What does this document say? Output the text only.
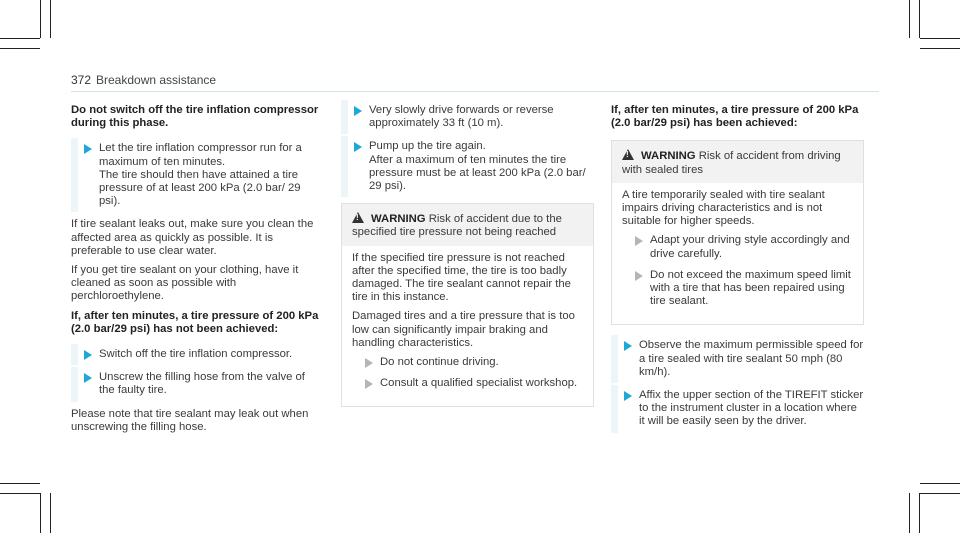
372 Breakdown assistance

Do not switch off the tire inflation compressor during this phase.

Let the tire inflation compressor run for a maximum of ten minutes.
The tire should then have attained a tire pressure of at least 200 kPa (2.0 bar/ 29 psi).

If tire sealant leaks out, make sure you clean the affected area as quickly as possible. It is preferable to use clear water.

If you get tire sealant on your clothing, have it cleaned as soon as possible with perchloroethylene.

If, after ten minutes, a tire pressure of 200 kPa (2.0 bar/29 psi) has not been achieved:

Switch off the tire inflation compressor.
Unscrew the filling hose from the valve of the faulty tire.

Please note that tire sealant may leak out when unscrewing the filling hose.

Very slowly drive forwards or reverse approximately 33 ft (10 m).
Pump up the tire again.
After a maximum of ten minutes the tire pressure must be at least 200 kPa (2.0 bar/ 29 psi).
!WARNING Risk of accident due to the specified tire pressure not being reached

If the specified tire pressure is not reached after the specified time, the tire is too badly damaged. The tire sealant cannot repair the tire in this instance.

Damaged tires and a tire pressure that is too low can significantly impair braking and handling characteristics.

Do not continue driving.
Consult a qualified specialist workshop.

If, after ten minutes, a tire pressure of 200 kPa (2.0 bar/29 psi) has been achieved:

!WARNING Risk of accident from driving with sealed tires

A tire temporarily sealed with tire sealant impairs driving characteristics and is not suitable for higher speeds.

Adapt your driving style accordingly and drive carefully.
Do not exceed the maximum speed limit with a tire that has been repaired using tire sealant.
Observe the maximum permissible speed for a tire sealed with tire sealant 50 mph (80 km/h).
Affix the upper section of the TIREFIT sticker to the instrument cluster in a location where it will be easily seen by the driver.
